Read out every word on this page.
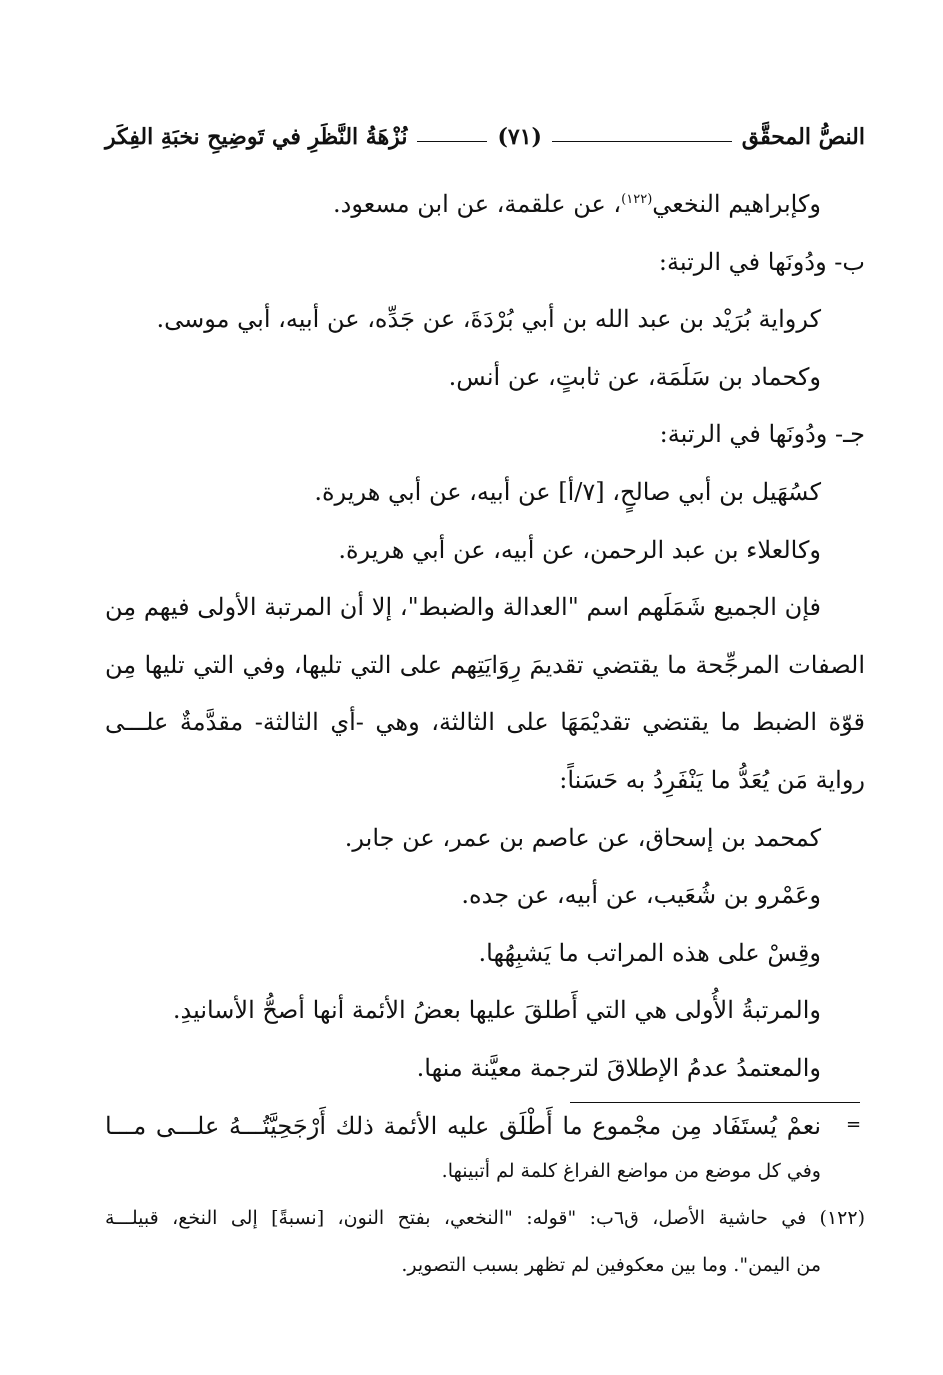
النصُّ المحقَّق
(٧١)
نُزْهَةُ النَّظَرِ في تَوضِيحِ نخبَةِ الفِكَر
وكإبراهيم النخعي$^{(١٢٢)}$، عن علقمة، عن ابن مسعود.
ب- ودُونَها في الرتبة:
كرواية بُرَيْد بن عبد الله بن أبي بُرْدَةَ، عن جَدِّه، عن أبيه، أبي موسى.
وكحماد بن سَلَمَة، عن ثابتٍ، عن أنس.
جـ- ودُونَها في الرتبة:
كسُهَيل بن أبي صالحٍ، [٧/أ] عن أبيه، عن أبي هريرة.
وكالعلاء بن عبد الرحمن، عن أبيه، عن أبي هريرة.
فإن الجميع شَمَلَهم اسم "العدالة والضبط"، إلا أن المرتبة الأولى فيهم مِن
الصفات المرجِّحة ما يقتضي تقديمَ رِوَايَتِهم على التي تليها، وفي التي تليها مِن
قوّة الضبط ما يقتضي تقديْمَهَا على الثالثة، وهي -أي الثالثة- مقدَّمةٌ علـــى
رواية مَن يُعَدُّ ما يَنْفَرِدُ به حَسَناً:
كمحمد بن إسحاق، عن عاصم بن عمر، عن جابر.
وعَمْرو بن شُعَيب، عن أبيه، عن جده.
وقِسْ على هذه المراتب ما يَشبِهُها.
والمرتبةُ الأُولى هي التي أَطلقَ عليها بعضُ الأئمة أنها أصحُّ الأسانيدِ.
والمعتمدُ عدمُ الإطلاقَ لترجمة معيَّنة منها.
نعمْ يُستَفَاد مِن مجْموع ما أَطْلَق عليه الأئمة ذلك أَرْجَحِيَّتُـــهُ علـــى مـــا	=
وفي كل موضع من مواضع الفراغ كلمة لم أتبينها.
(١٢٢) في حاشية الأصل، ق٦ب: "قوله: "النخعي، بفتح النون، [نسبةً] إلى النخع، قبيلـــة
من اليمن". وما بين معكوفين لم تظهر بسبب التصوير.
